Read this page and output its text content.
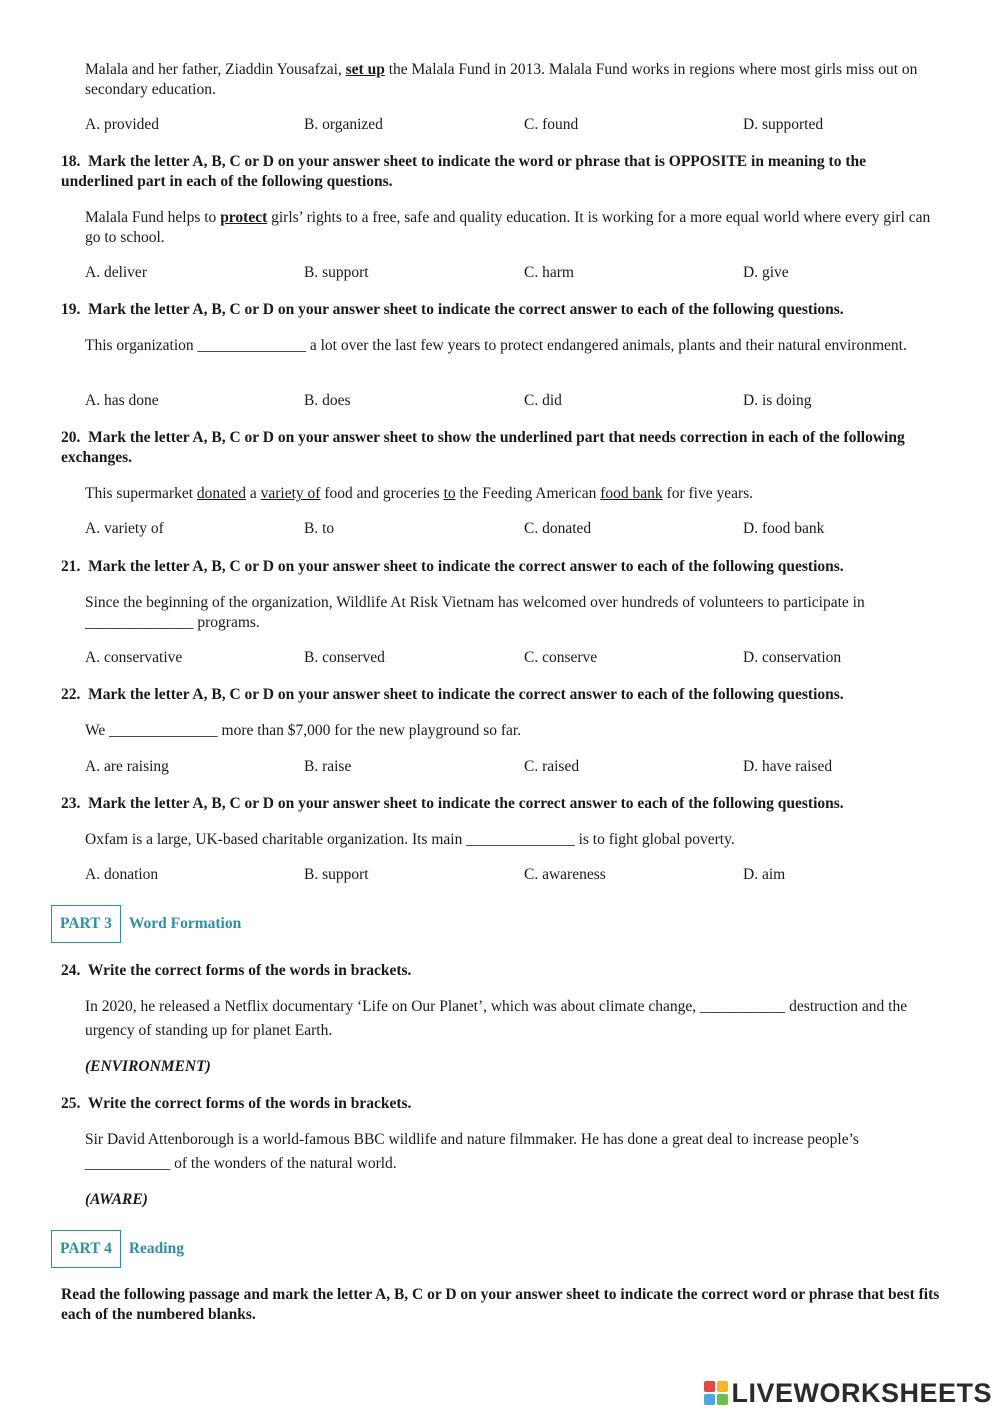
Malala and her father, Ziaddin Yousafzai, set up the Malala Fund in 2013. Malala Fund works in regions where most girls miss out on secondary education.
A. provided	B. organized	C. found	D. supported
18. Mark the letter A, B, C or D on your answer sheet to indicate the word or phrase that is OPPOSITE in meaning to the underlined part in each of the following questions.
Malala Fund helps to protect girls’ rights to a free, safe and quality education. It is working for a more equal world where every girl can go to school.
A. deliver	B. support	C. harm	D. give
19. Mark the letter A, B, C or D on your answer sheet to indicate the correct answer to each of the following questions.
This organization ______________ a lot over the last few years to protect endangered animals, plants and their natural environment.
A. has done	B. does	C. did	D. is doing
20. Mark the letter A, B, C or D on your answer sheet to show the underlined part that needs correction in each of the following exchanges.
This supermarket donated a variety of food and groceries to the Feeding American food bank for five years.
A. variety of	B. to	C. donated	D. food bank
21. Mark the letter A, B, C or D on your answer sheet to indicate the correct answer to each of the following questions.
Since the beginning of the organization, Wildlife At Risk Vietnam has welcomed over hundreds of volunteers to participate in ______________ programs.
A. conservative	B. conserved	C. conserve	D. conservation
22. Mark the letter A, B, C or D on your answer sheet to indicate the correct answer to each of the following questions.
We ______________ more than $7,000 for the new playground so far.
A. are raising	B. raise	C. raised	D. have raised
23. Mark the letter A, B, C or D on your answer sheet to indicate the correct answer to each of the following questions.
Oxfam is a large, UK-based charitable organization. Its main ______________ is to fight global poverty.
A. donation	B. support	C. awareness	D. aim
PART 3	Word Formation
24. Write the correct forms of the words in brackets.
In 2020, he released a Netflix documentary ‘Life on Our Planet’, which was about climate change, ___________ destruction and the urgency of standing up for planet Earth.
(ENVIRONMENT)
25. Write the correct forms of the words in brackets.
Sir David Attenborough is a world-famous BBC wildlife and nature filmmaker. He has done a great deal to increase people’s ___________ of the wonders of the natural world.
(AWARE)
PART 4	Reading
Read the following passage and mark the letter A, B, C or D on your answer sheet to indicate the correct word or phrase that best fits each of the numbered blanks.
LIVEWORKSHEETS
